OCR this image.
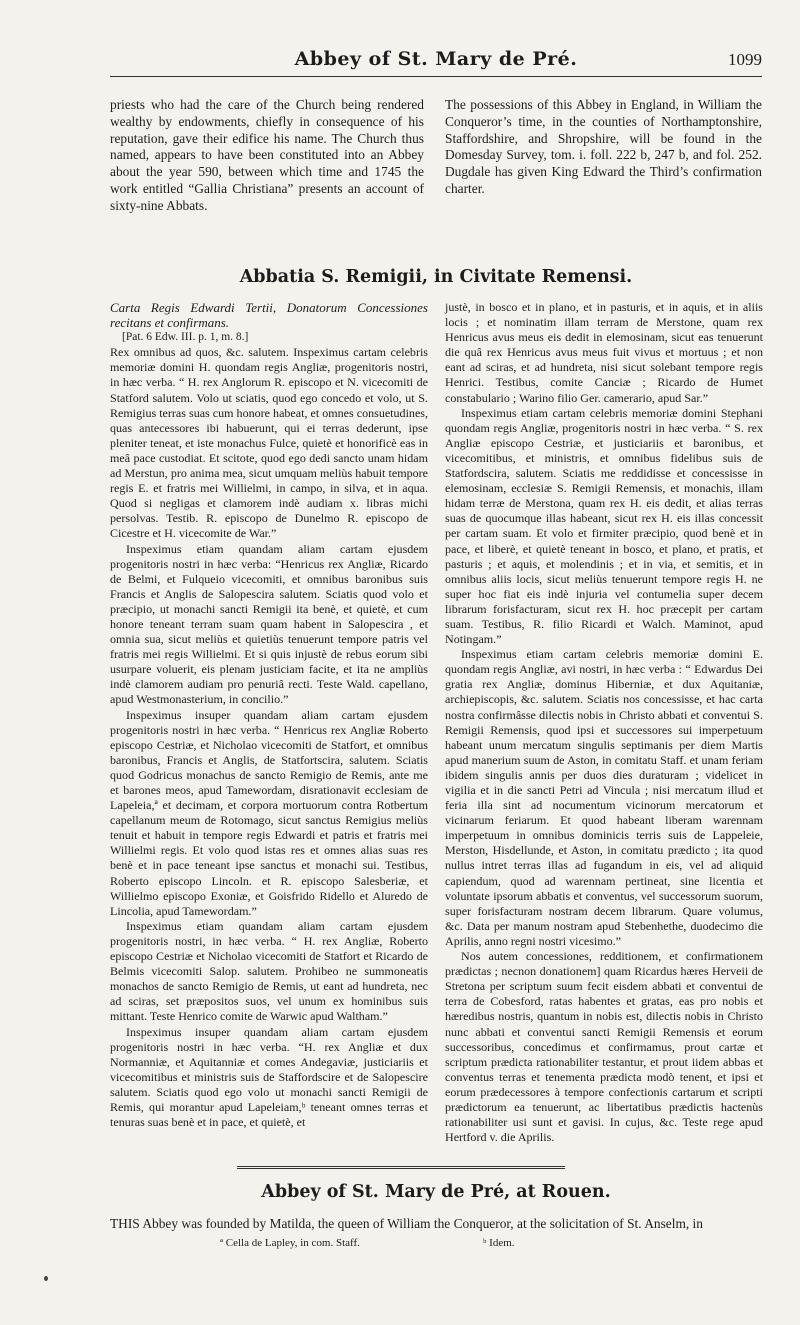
Abbey of St. Mary de Pré.	1099
priests who had the care of the Church being rendered wealthy by endowments, chiefly in consequence of his reputation, gave their edifice his name. The Church thus named, appears to have been constituted into an Abbey about the year 590, between which time and 1745 the work entitled “Gallia Christiana” presents an account of sixty-nine Abbats.
The possessions of this Abbey in England, in William the Conqueror’s time, in the counties of Northamptonshire, Staffordshire, and Shropshire, will be found in the Domesday Survey, tom. i. foll. 222 b, 247 b, and fol. 252. Dugdale has given King Edward the Third’s confirmation charter.
Abbatia S. Remigii, in Civitate Remensi.

Carta Regis Edwardi Tertii, Donatorum Concessiones recitans et confirmans.

[Pat. 6 Edw. III. p. 1, m. 8.]

Rex omnibus ad quos, &c. salutem. Inspeximus cartam celebris memoriæ domini H. quondam regis Angliæ, progenitoris nostri, in hæc verba. “ H. rex Anglorum R. episcopo et N. vicecomiti de Statford salutem. Volo ut sciatis, quod ego concedo et volo, ut S. Remigius terras suas cum honore habeat, et omnes consuetudines, quas antecessores ibi habuerunt, qui ei terras dederunt, ipse pleniter teneat, et iste monachus Fulce, quietè et honorificè eas in meâ pace custodiat. Et scitote, quod ego dedi sancto unam hidam ad Merstun, pro anima mea, sicut umquam meliùs habuit tempore regis E. et fratris mei Willielmi, in campo, in silva, et in aqua. Quod si negligas et clamorem indè audiam x. libras michi persolvas. Testib. R. episcopo de Dunelmo R. episcopo de Cicestre et H. vicecomite de War.”

Inspeximus etiam quandam aliam cartam ejusdem progenitoris nostri in hæc verba: “Henricus rex Angliæ, Ricardo de Belmi, et Fulqueio vicecomiti, et omnibus baronibus suis Francis et Anglis de Salopescira salutem. Sciatis quod volo et præcipio, ut monachi sancti Remigii ita benè, et quietè, et cum honore teneant terram suam quam habent in Salopescira , et omnia sua, sicut meliùs et quietiùs tenuerunt tempore patris vel fratris mei regis Willielmi. Et si quis injustè de rebus eorum sibi usurpare voluerit, eis plenam justiciam facite, et ita ne ampliùs indè clamorem audiam pro penuriâ recti. Teste Wald. capellano, apud Westmonasterium, in concilio.”

Inspeximus insuper quandam aliam cartam ejusdem progenitoris nostri in hæc verba. “ Henricus rex Angliæ Roberto episcopo Cestriæ, et Nicholao vicecomiti de Statfort, et omnibus baronibus, Francis et Anglis, de Statfortscira, salutem. Sciatis quod Godricus monachus de sancto Remigio de Remis, ante me et barones meos, apud Tamewordam, disrationavit ecclesiam de Lapeleia,ª et decimam, et corpora mortuorum contra Rotbertum capellanum meum de Rotomago, sicut sanctus Remigius meliùs tenuit et habuit in tempore regis Edwardi et patris et fratris mei Willielmi regis. Et volo quod istas res et omnes alias suas res benè et in pace teneant ipse sanctus et monachi sui. Testibus, Roberto episcopo Lincoln. et R. episcopo Salesberiæ, et Willielmo episcopo Exoniæ, et Goisfrido Ridello et Aluredo de Lincolia, apud Tamewordam.”

Inspeximus etiam quandam aliam cartam ejusdem progenitoris nostri, in hæc verba. “ H. rex Angliæ, Roberto episcopo Cestriæ et Nicholao vicecomiti de Statfort et Ricardo de Belmis vicecomiti Salop. salutem. Prohibeo ne summoneatis monachos de sancto Remigio de Remis, ut eant ad hundreta, nec ad sciras, set præpositos suos, vel unum ex hominibus suis mittant. Teste Henrico comite de Warwic apud Waltham.”

Inspeximus insuper quandam aliam cartam ejusdem progenitoris nostri in hæc verba. “H. rex Angliæ et dux Normanniæ, et Aquitanniæ et comes Andegaviæ, justiciariis et vicecomitibus et ministris suis de Staffordscire et de Salopescire salutem. Sciatis quod ego volo ut monachi sancti Remigii de Remis, qui morantur apud Lapeleiam,ᵇ teneant omnes terras et tenuras suas benè et in pace, et quietè, et

justè, in bosco et in plano, et in pasturis, et in aquis, et in aliis locis ; et nominatim illam terram de Merstone, quam rex Henricus avus meus eis dedit in elemosinam, sicut eas tenuerunt die quâ rex Henricus avus meus fuit vivus et mortuus ; et non eant ad sciras, et ad hundreta, nisi sicut solebant tempore regis Henrici. Testibus, comite Canciæ ; Ricardo de Humet constabulario ; Warino filio Ger. camerario, apud Sar.”

Inspeximus etiam cartam celebris memoriæ domini Stephani quondam regis Angliæ, progenitoris nostri in hæc verba. “ S. rex Angliæ episcopo Cestriæ, et justiciariis et baronibus, et vicecomitibus, et ministris, et omnibus fidelibus suis de Statfordscira, salutem. Sciatis me reddidisse et concessisse in elemosinam, ecclesiæ S. Remigii Remensis, et monachis, illam hidam terræ de Merstona, quam rex H. eis dedit, et alias terras suas de quocumque illas habeant, sicut rex H. eis illas concessit per cartam suam. Et volo et firmiter præcipio, quod benè et in pace, et liberè, et quietè teneant in bosco, et plano, et pratis, et pasturis ; et aquis, et molendinis ; et in via, et semitis, et in omnibus aliis locis, sicut meliùs tenuerunt tempore regis H. ne super hoc fiat eis indè injuria vel contumelia super decem librarum forisfacturam, sicut rex H. hoc præcepit per cartam suam. Testibus, R. filio Ricardi et Walch. Maminot, apud Notingam.”

Inspeximus etiam cartam celebris memoriæ domini E. quondam regis Angliæ, avi nostri, in hæc verba : “ Edwardus Dei gratia rex Angliæ, dominus Hiberniæ, et dux Aquitaniæ, archiepiscopis, &c. salutem. Sciatis nos concessisse, et hac carta nostra confirmâsse dilectis nobis in Christo abbati et conventui S. Remigii Remensis, quod ipsi et successores sui imperpetuum habeant unum mercatum singulis septimanis per diem Martis apud manerium suum de Aston, in comitatu Staff. et unam feriam ibidem singulis annis per duos dies duraturam ; videlicet in vigilia et in die sancti Petri ad Vincula ; nisi mercatum illud et feria illa sint ad nocumentum vicinorum mercatorum et vicinarum feriarum. Et quod habeant liberam warennam imperpetuum in omnibus dominicis terris suis de Lappeleie, Merston, Hisdellunde, et Aston, in comitatu prædicto ; ita quod nullus intret terras illas ad fugandum in eis, vel ad aliquid capiendum, quod ad warennam pertineat, sine licentia et voluntate ipsorum abbatis et conventus, vel successorum suorum, super forisfacturam nostram decem librarum. Quare volumus, &c. Data per manum nostram apud Stebenhethe, duodecimo die Aprilis, anno regni nostri vicesimo.”

Nos autem concessiones, redditionem, et confirmationem prædictas ; necnon donationem] quam Ricardus hæres Herveii de Stretona per scriptum suum fecit eisdem abbati et conventui de terra de Cobesford, ratas habentes et gratas, eas pro nobis et hæredibus nostris, quantum in nobis est, dilectis nobis in Christo nunc abbati et conventui sancti Remigii Remensis et eorum successoribus, concedimus et confirmamus, prout cartæ et scriptum prædicta rationabiliter testantur, et prout iidem abbas et conventus terras et tenementa prædicta modò tenent, et ipsi et eorum prædecessores à tempore confectionis cartarum et scripti prædictorum ea tenuerunt, ac libertatibus prædictis hactenùs rationabiliter usi sunt et gavisi. In cujus, &c. Teste rege apud Hertford v. die Aprilis.

Abbey of St. Mary de Pré, at Rouen.
THIS Abbey was founded by Matilda, the queen of William the Conqueror, at the solicitation of St. Anselm, in
ª Cella de Lapley, in com. Staff.	ᵇ Idem.
